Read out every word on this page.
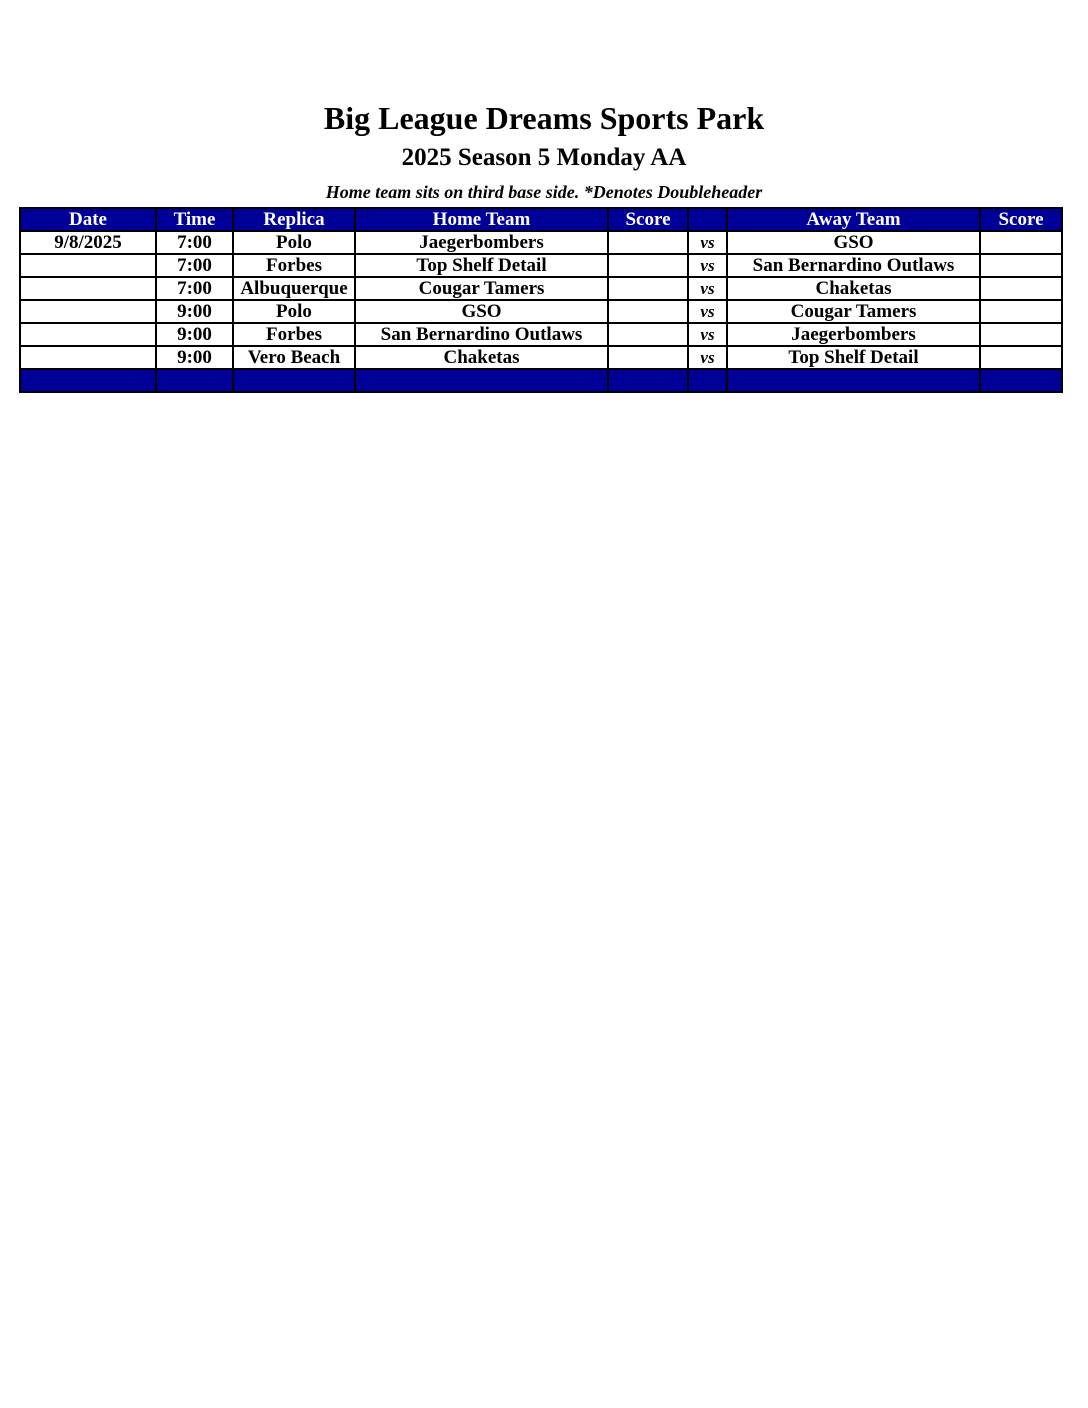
Big League Dreams Sports Park
2025 Season 5 Monday AA
Home team sits on third base side. *Denotes Doubleheader
Date	Time	Replica	Home Team	Score		Away Team	Score
9/8/2025	7:00	Polo	Jaegerbombers		vs	GSO	
	7:00	Forbes	Top Shelf Detail		vs	San Bernardino Outlaws	
	7:00	Albuquerque	Cougar Tamers		vs	Chaketas	
	9:00	Polo	GSO		vs	Cougar Tamers	
	9:00	Forbes	San Bernardino Outlaws		vs	Jaegerbombers	
	9:00	Vero Beach	Chaketas		vs	Top Shelf Detail	
